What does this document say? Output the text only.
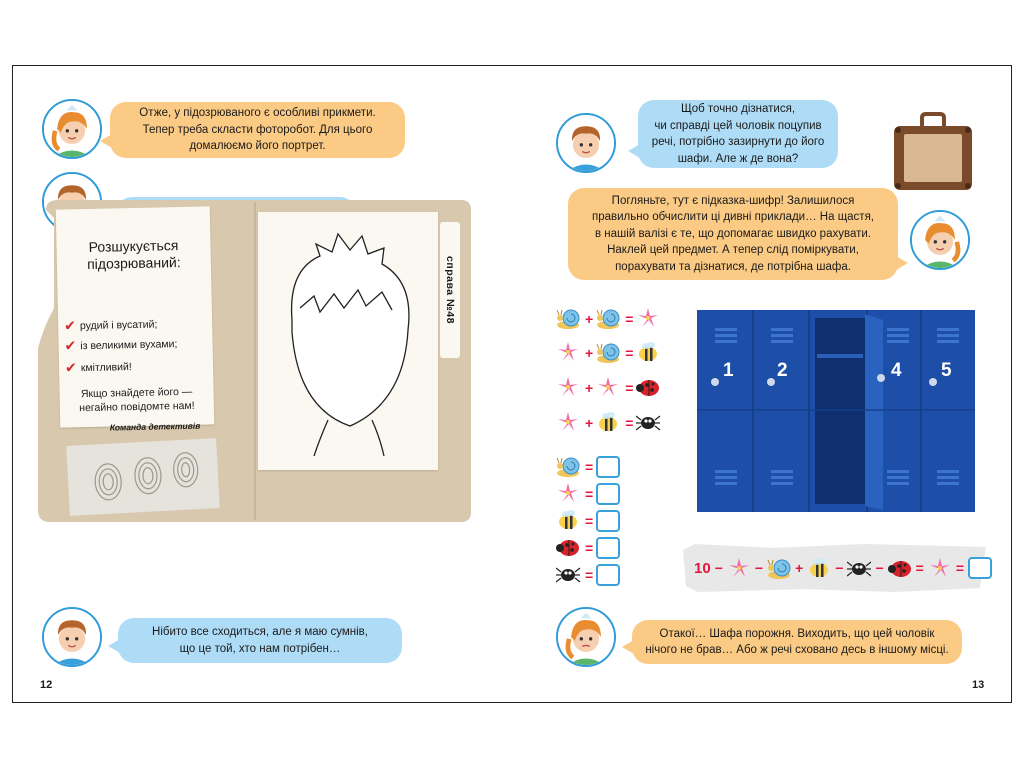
Отже, у підозрюваного є особливі прикмети.
Тепер треба скласти фоторобот. Для цього
домалюємо його портрет.
Розшукується
підозрюваний:
✔ рудий і вусатий;
✔ із великими вухами;
✔ кмітливий!
Якщо знайдете його —
негайно повідомте нам!
Команда детективів
справа №48
Нібито все сходиться, але я маю сумнів,
що це той, хто нам потрібен…
12
Щоб точно дізнатися,
чи справді цей чоловік поцупив
речі, потрібно зазирнути до його
шафи. Але ж де вона?
Погляньте, тут є підказка-шифр! Залишилося
правильно обчислити ці дивні приклади… На щастя,
в нашій валізі є те, що допомагає швидко рахувати.
Наклей цей предмет. А тепер слід поміркувати,
порахувати та дізнатися, де потрібна шафа.
+ =
+ =
+ =
+ =
=
=
=
=
=
1 2	4 5
10 − − + − − = =
Отакої… Шафа порожня. Виходить, що цей чоловік
нічого не брав… Або ж речі сховано десь в іншому місці.
13
